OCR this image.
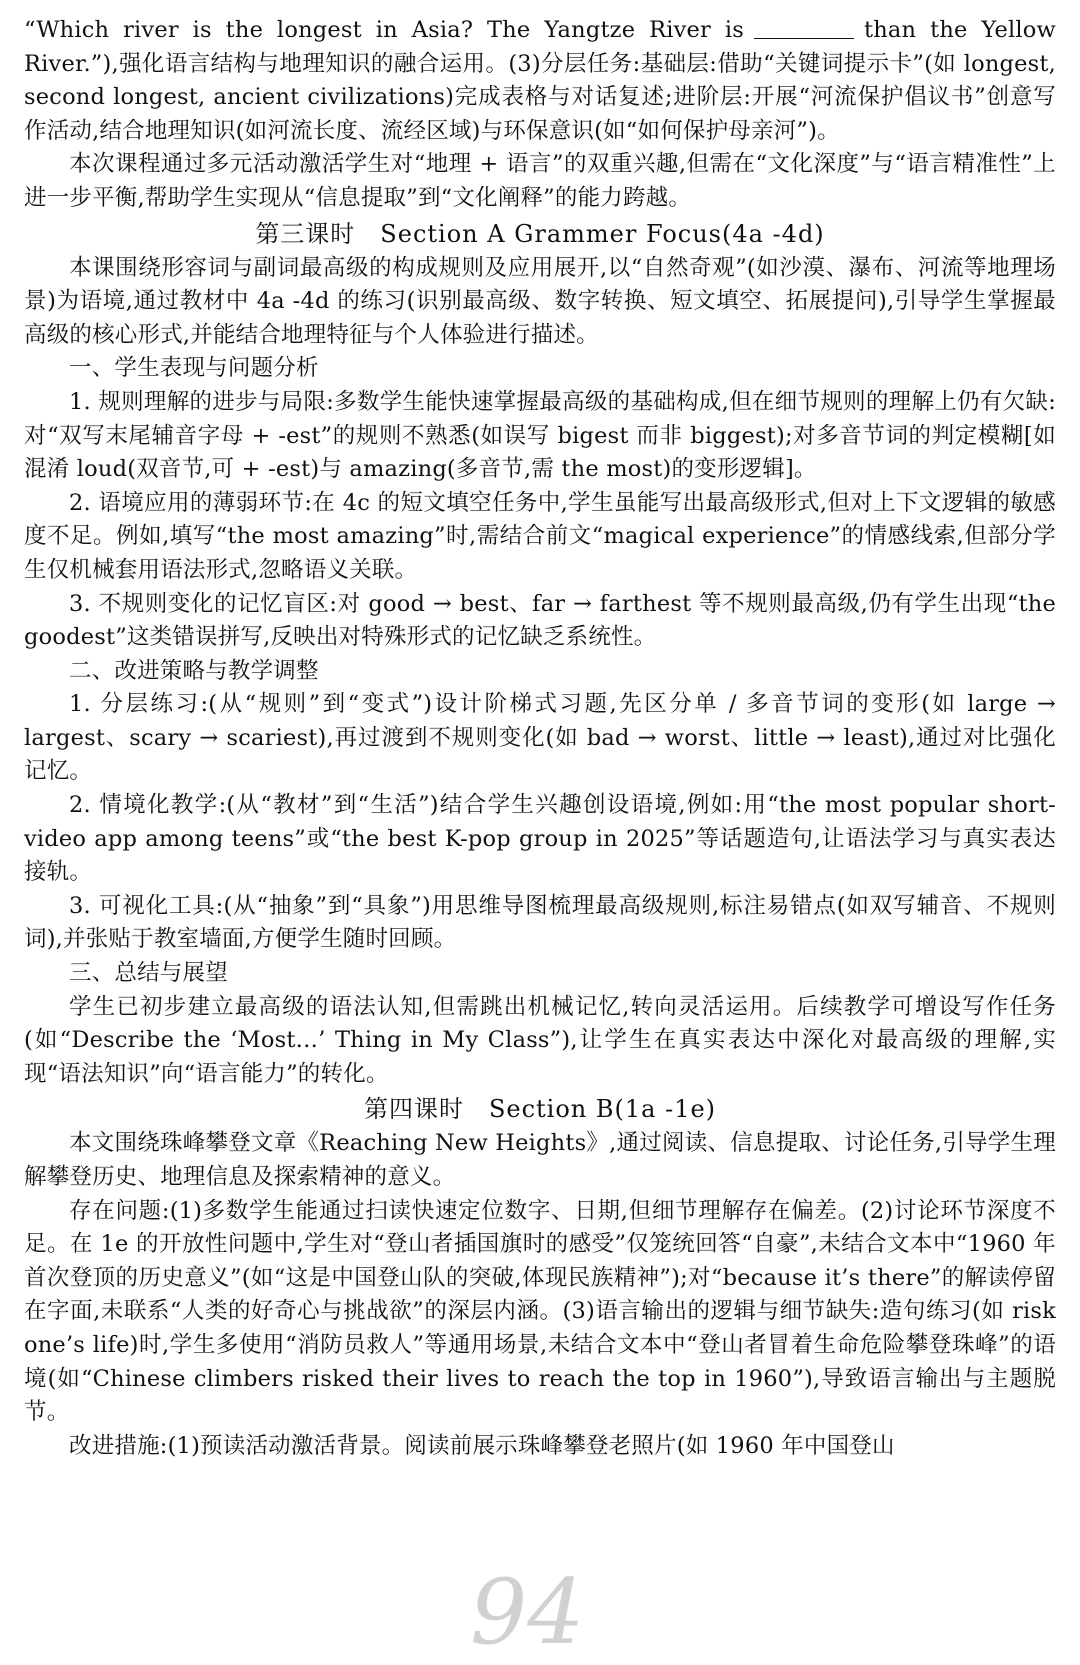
“Which river is the longest in Asia? The Yangtze River is	than the Yellow River.”),强化语言结构与地理知识的融合运用。(3)分层任务:基础层:借助“关键词提示卡”(如 longest, second longest, ancient civilizations)完成表格与对话复述;进阶层:开展“河流保护倡议书”创意写作活动,结合地理知识(如河流长度、流经区域)与环保意识(如“如何保护母亲河”)。

本次课程通过多元活动激活学生对“地理 + 语言”的双重兴趣,但需在“文化深度”与“语言精准性”上进一步平衡,帮助学生实现从“信息提取”到“文化阐释”的能力跨越。

第三课时　Section A Grammer Focus(4a -4d)

本课围绕形容词与副词最高级的构成规则及应用展开,以“自然奇观”(如沙漠、瀑布、河流等地理场景)为语境,通过教材中 4a -4d 的练习(识别最高级、数字转换、短文填空、拓展提问),引导学生掌握最高级的核心形式,并能结合地理特征与个人体验进行描述。

一、学生表现与问题分析

1. 规则理解的进步与局限:多数学生能快速掌握最高级的基础构成,但在细节规则的理解上仍有欠缺:对“双写末尾辅音字母 + -est”的规则不熟悉(如误写 bigest 而非 biggest);对多音节词的判定模糊[如混淆 loud(双音节,可 + -est)与 amazing(多音节,需 the most)的变形逻辑]。

2. 语境应用的薄弱环节:在 4c 的短文填空任务中,学生虽能写出最高级形式,但对上下文逻辑的敏感度不足。例如,填写“the most amazing”时,需结合前文“magical experience”的情感线索,但部分学生仅机械套用语法形式,忽略语义关联。

3. 不规则变化的记忆盲区:对 good → best、far → farthest 等不规则最高级,仍有学生出现“the goodest”这类错误拼写,反映出对特殊形式的记忆缺乏系统性。

二、改进策略与教学调整

1. 分层练习:(从“规则”到“变式”)设计阶梯式习题,先区分单 / 多音节词的变形(如 large → largest、scary → scariest),再过渡到不规则变化(如 bad → worst、little → least),通过对比强化记忆。

2. 情境化教学:(从“教材”到“生活”)结合学生兴趣创设语境,例如:用“the most popular short-video app among teens”或“the best K-pop group in 2025”等话题造句,让语法学习与真实表达接轨。

3. 可视化工具:(从“抽象”到“具象”)用思维导图梳理最高级规则,标注易错点(如双写辅音、不规则词),并张贴于教室墙面,方便学生随时回顾。

三、总结与展望

学生已初步建立最高级的语法认知,但需跳出机械记忆,转向灵活运用。后续教学可增设写作任务(如“Describe the ‘Most…’ Thing in My Class”),让学生在真实表达中深化对最高级的理解,实现“语法知识”向“语言能力”的转化。

第四课时　Section B(1a -1e)

本文围绕珠峰攀登文章《Reaching New Heights》,通过阅读、信息提取、讨论任务,引导学生理解攀登历史、地理信息及探索精神的意义。

存在问题:(1)多数学生能通过扫读快速定位数字、日期,但细节理解存在偏差。(2)讨论环节深度不足。在 1e 的开放性问题中,学生对“登山者插国旗时的感受”仅笼统回答“自豪”,未结合文本中“1960 年首次登顶的历史意义”(如“这是中国登山队的突破,体现民族精神”);对“because it’s there”的解读停留在字面,未联系“人类的好奇心与挑战欲”的深层内涵。(3)语言输出的逻辑与细节缺失:造句练习(如 risk one’s life)时,学生多使用“消防员救人”等通用场景,未结合文本中“登山者冒着生命危险攀登珠峰”的语境(如“Chinese climbers risked their lives to reach the top in 1960”),导致语言输出与主题脱节。

改进措施:(1)预读活动激活背景。阅读前展示珠峰攀登老照片(如 1960 年中国登山

94
